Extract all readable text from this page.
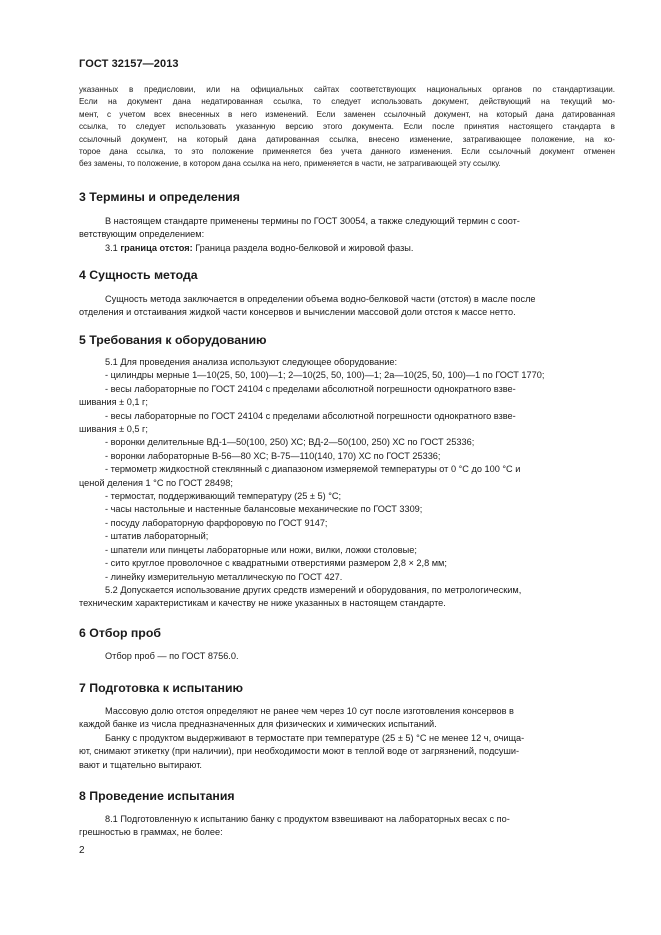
ГОСТ 32157—2013
указанных в предисловии, или на официальных сайтах соответствующих национальных органов по стандартизации.
Если на документ дана недатированная ссылка, то следует использовать документ, действующий на текущий мо-
мент, с учетом всех внесенных в него изменений. Если заменен ссылочный документ, на который дана датированная
ссылка, то следует использовать указанную версию этого документа. Если после принятия настоящего стандарта в
ссылочный документ, на который дана датированная ссылка, внесено изменение, затрагивающее положение, на ко-
торое дана ссылка, то это положение применяется без учета данного изменения. Если ссылочный документ отменен
без замены, то положение, в котором дана ссылка на него, применяется в части, не затрагивающей эту ссылку.
3 Термины и определения
В настоящем стандарте применены термины по ГОСТ 30054, а также следующий термин с соот-
ветствующим определением:
3.1 граница отстоя: Граница раздела водно-белковой и жировой фазы.
4 Сущность метода
Сущность метода заключается в определении объема водно-белковой части (отстоя) в масле после
отделения и отстаивания жидкой части консервов и вычислении массовой доли отстоя к массе нетто.
5 Требования к оборудованию
5.1 Для проведения анализа используют следующее оборудование:
- цилиндры мерные 1—10(25, 50, 100)—1; 2—10(25, 50, 100)—1; 2а—10(25, 50, 100)—1 по ГОСТ 1770;
- весы лабораторные по ГОСТ 24104 с пределами абсолютной погрешности однократного взве-
шивания ± 0,1 г;
- весы лабораторные по ГОСТ 24104 с пределами абсолютной погрешности однократного взве-
шивания ± 0,5 г;
- воронки делительные ВД-1—50(100, 250) ХС; ВД-2—50(100, 250) ХС по ГОСТ 25336;
- воронки лабораторные В-56—80 ХС; В-75—110(140, 170) ХС по ГОСТ 25336;
- термометр жидкостной стеклянный с диапазоном измеряемой температуры от 0 °С до 100 °С и
ценой деления 1 °С по ГОСТ 28498;
- термостат, поддерживающий температуру (25 ± 5) °С;
- часы настольные и настенные балансовые механические по ГОСТ 3309;
- посуду лабораторную фарфоровую по ГОСТ 9147;
- штатив лабораторный;
- шпатели или пинцеты лабораторные или ножи, вилки, ложки столовые;
- сито круглое проволочное с квадратными отверстиями размером 2,8 × 2,8 мм;
- линейку измерительную металлическую по ГОСТ 427.
5.2 Допускается использование других средств измерений и оборудования, по метрологическим,
техническим характеристикам и качеству не ниже указанных в настоящем стандарте.
6 Отбор проб
Отбор проб — по ГОСТ 8756.0.
7 Подготовка к испытанию
Массовую долю отстоя определяют не ранее чем через 10 сут после изготовления консервов в
каждой банке из числа предназначенных для физических и химических испытаний.
Банку с продуктом выдерживают в термостате при температуре (25 ± 5) °С не менее 12 ч, очища-
ют, снимают этикетку (при наличии), при необходимости моют в теплой воде от загрязнений, подсуши-
вают и тщательно вытирают.
8 Проведение испытания
8.1 Подготовленную к испытанию банку с продуктом взвешивают на лабораторных весах с по-
грешностью в граммах, не более:
2
